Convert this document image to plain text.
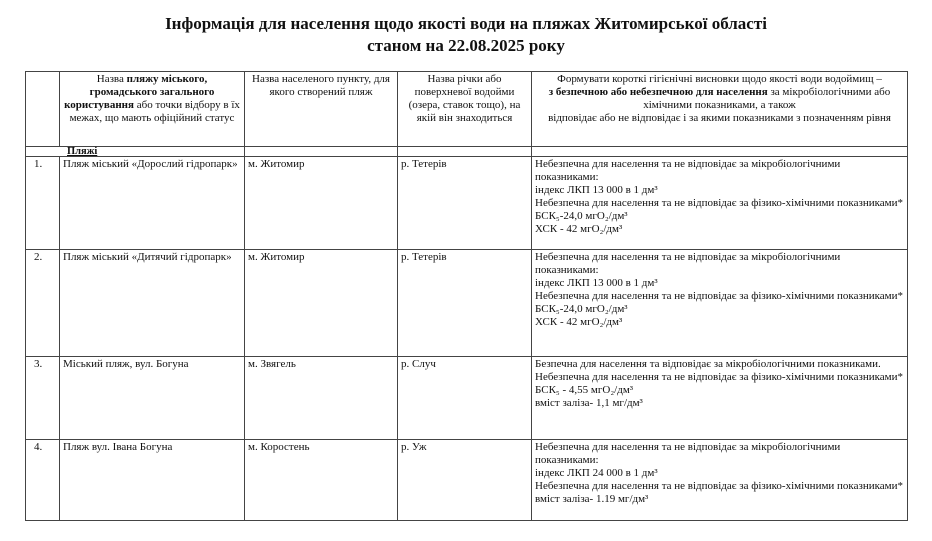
Інформація для населення щодо якості води на пляжах Житомирської області
станом на 22.08.2025 року
	Назва пляжу міського, громадського загального користування або точки відбору в їх межах, що мають офіційний статус	Назва населеного пункту, для якого створений пляж	Назва річки або поверхневої водойми (озера, ставок тощо), на якій він знаходиться	Формувати короткі гігієнічні висновки щодо якості води водоймищ –
з безпечною або небезпечною для населення за мікробіологічними або хімічними показниками, а також
відповідає або не відповідає і за якими показниками з позначенням рівня
Пляжі				
1.	Пляж міський «Дорослий гідропарк»	м. Житомир	р. Тетерів	Небезпечна для населення та не відповідає за мікробіологічними показниками:
індекс ЛКП 13 000 в 1 дм³
Небезпечна для населення та не відповідає за фізико-хімічними показниками*
БСК₅-24,0 мгО₂/дм³
ХСК - 42 мгО₂/дм³

2.	Пляж міський «Дитячий гідропарк»	м. Житомир	р. Тетерів	Небезпечна для населення та не відповідає за мікробіологічними показниками:
індекс ЛКП 13 000 в 1 дм³
Небезпечна для населення та не відповідає за фізико-хімічними показниками*
БСК₅-24,0 мгО₂/дм³
ХСК - 42 мгО₂/дм³

3.	Міський пляж, вул. Богуна	м. Звягель	р. Случ	Безпечна для населення та відповідає за мікробіологічними показниками.
Небезпечна для населення та не відповідає за фізико-хімічними показниками*
БСК₅ - 4,55 мгО₂/дм³
вміст заліза- 1,1 мг/дм³

4.	Пляж вул. Івана Богуна	м. Коростень	р. Уж	Небезпечна для населення та не відповідає за мікробіологічними показниками:
індекс ЛКП 24 000 в 1 дм³
Небезпечна для населення та не відповідає за фізико-хімічними показниками*
вміст заліза- 1.19 мг/дм³
